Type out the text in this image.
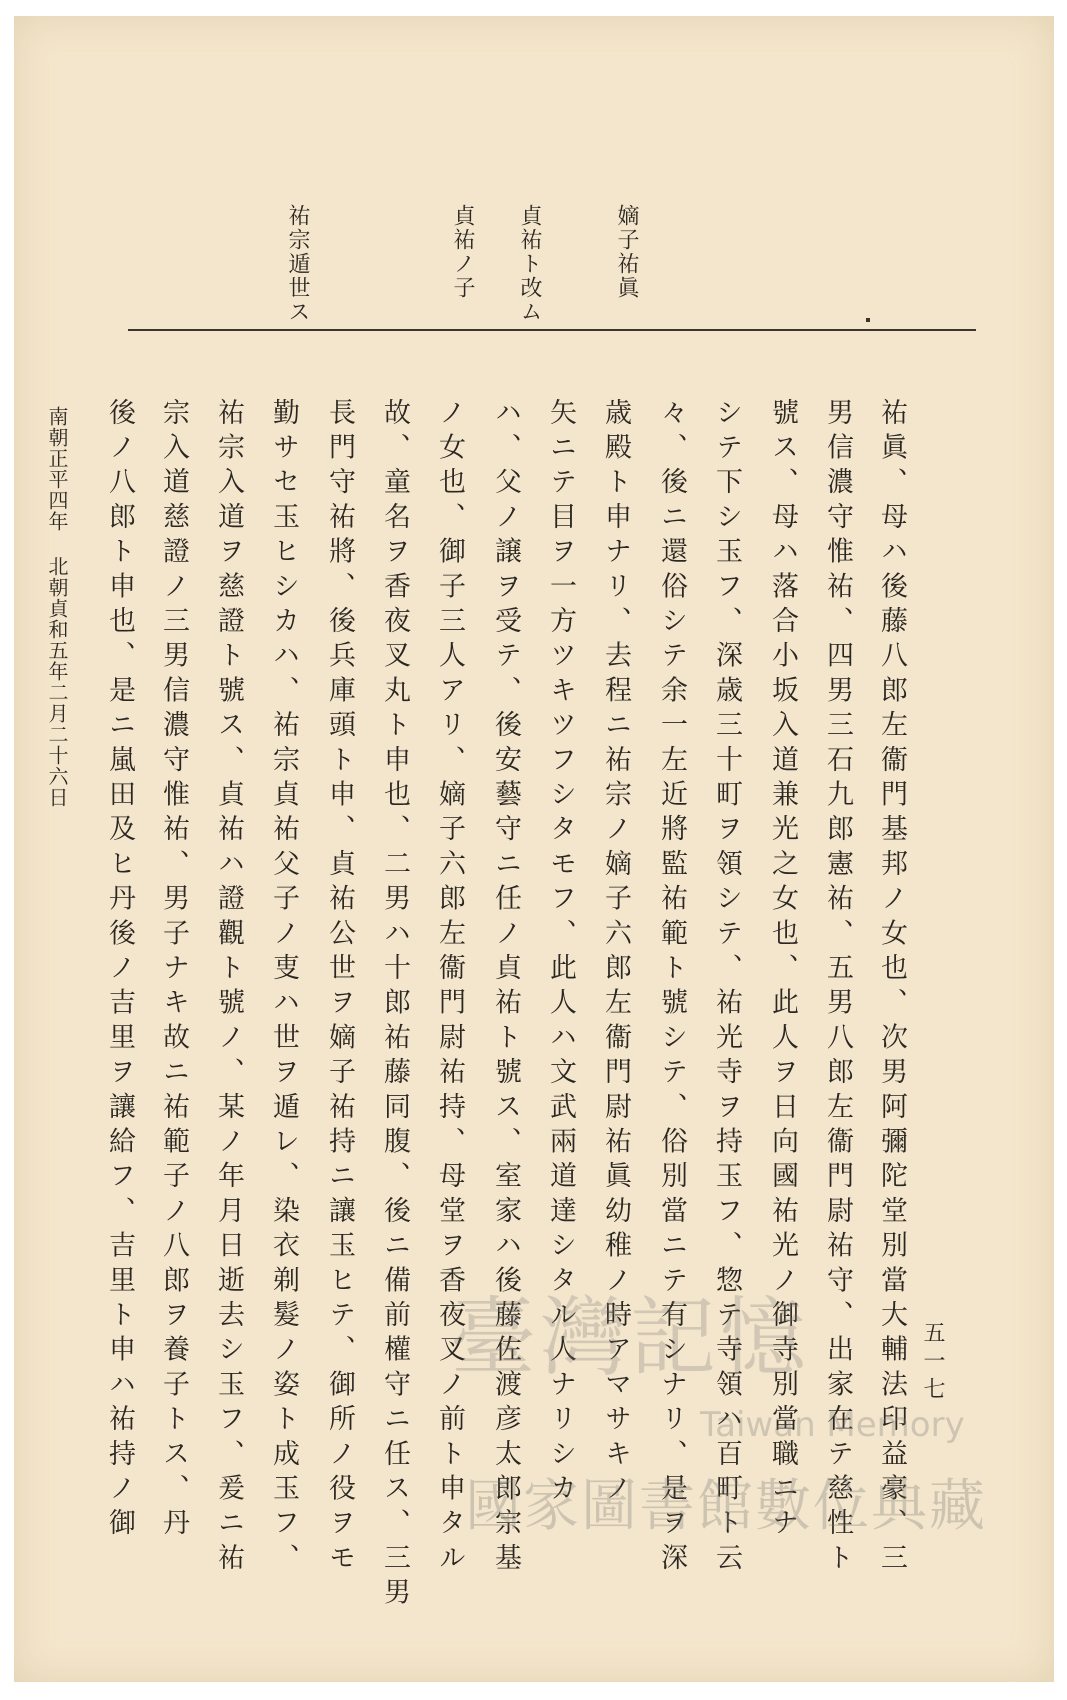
嫡子祐眞
貞祐ト改ム
貞祐ノ子
祐宗遁世ス
祐眞、母ハ後藤八郎左衞門基邦ノ女也、次男阿彌陀堂別當大輔法印益豪、三
男信濃守惟祐、四男三石九郎憲祐、五男八郎左衞門尉祐守、出家在テ慈性ト
號ス、母ハ落合小坂入道兼光之女也、此人ヲ日向國祐光ノ御寺別當職ニナ
シテ下シ玉フ、深歳三十町ヲ領シテ、祐光寺ヲ持玉フ、惣テ寺領ハ百町ト云
々、後ニ還俗シテ余一左近將監祐範ト號シテ、俗別當ニテ有シナリ、是ヲ深
歳殿ト申ナリ、去程ニ祐宗ノ嫡子六郎左衞門尉祐眞幼稚ノ時アマサキノ
矢ニテ目ヲ一方ツキツフシタモフ、此人ハ文武兩道達シタル人ナリシカ
ハ、父ノ譲ヲ受テ、後安藝守ニ任ノ貞祐ト號ス、室家ハ後藤佐渡彦太郎宗基
ノ女也、御子三人アリ、嫡子六郎左衞門尉祐持、母堂ヲ香夜叉ノ前ト申タル
故、童名ヲ香夜叉丸ト申也、二男ハ十郎祐藤同腹、後ニ備前權守ニ任ス、三男
長門守祐將、後兵庫頭ト申、貞祐公世ヲ嫡子祐持ニ讓玉ヒテ、御所ノ役ヲモ
勤サセ玉ヒシカハ、祐宗貞祐父子ノ叓ハ世ヲ遁レ、染衣剃髮ノ姿ト成玉フ、
祐宗入道ヲ慈證ト號ス、貞祐ハ證觀ト號ノ、某ノ年月日逝去シ玉フ、爰ニ祐
宗入道慈證ノ三男信濃守惟祐、男子ナキ故ニ祐範子ノ八郎ヲ養子トス、丹
後ノ八郎ト申也、是ニ嵐田及ヒ丹後ノ吉里ヲ讓給フ、吉里ト申ハ祐持ノ御
南朝正平四年
北朝貞和五年二月二十六日
五一七
臺灣記憶
Taiwan Memory
國家圖書館數位典藏
